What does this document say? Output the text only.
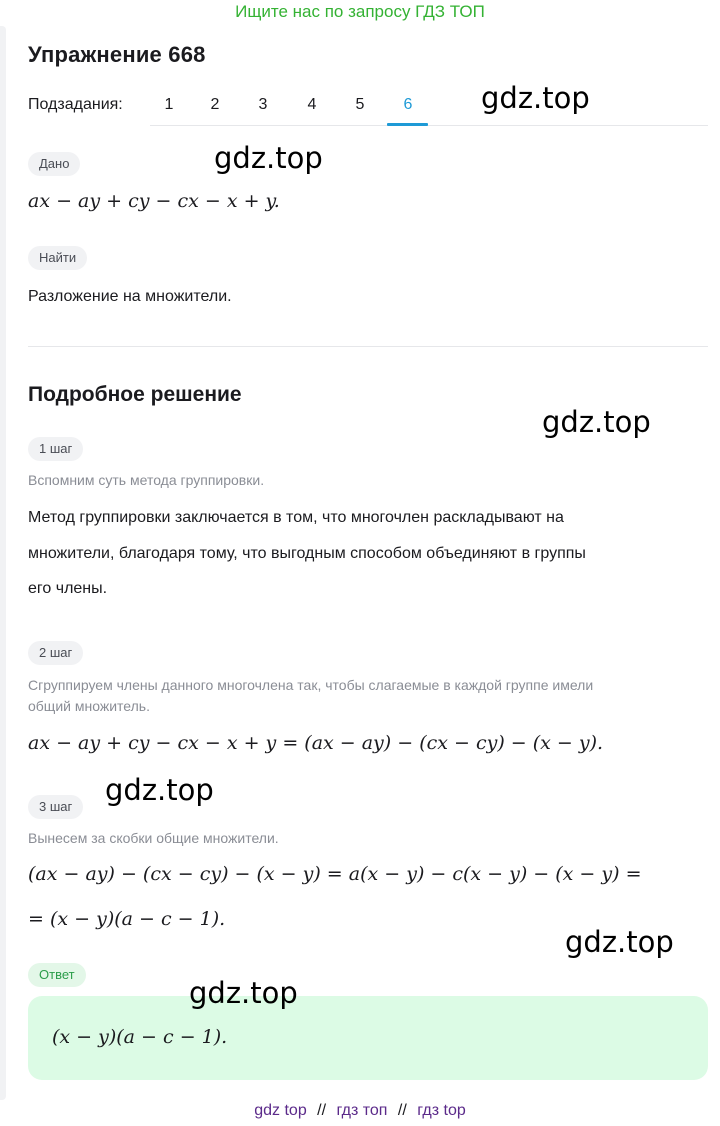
Ищите нас по запросу ГДЗ ТОП
Упражнение 668
Подзадания:	1	2	3	4	5	6	gdz.top
Дано	gdz.top
ax − ay + cy − cx − x + y.
Найти
Разложение на множители.
Подробное решение
gdz.top
1 шаг
Вспомним суть метода группировки.
Метод группировки заключается в том, что многочлен раскладывают на
множители, благодаря тому, что выгодным способом объединяют в группы
его члены.
2 шаг
Сгруппируем члены данного многочлена так, чтобы слагаемые в каждой группе имели
общий множитель.
ax − ay + cy − cx − x + y = (ax − ay) − (cx − cy) − (x − y).
gdz.top
3 шаг
Вынесем за скобки общие множители.
(ax − ay) − (cx − cy) − (x − y) = a(x − y) − c(x − y) − (x − y) =
= (x − y)(a − c − 1).
gdz.top
Ответ
gdz.top
(x − y)(a − c − 1).
gdz top // гдз топ // гдз top
